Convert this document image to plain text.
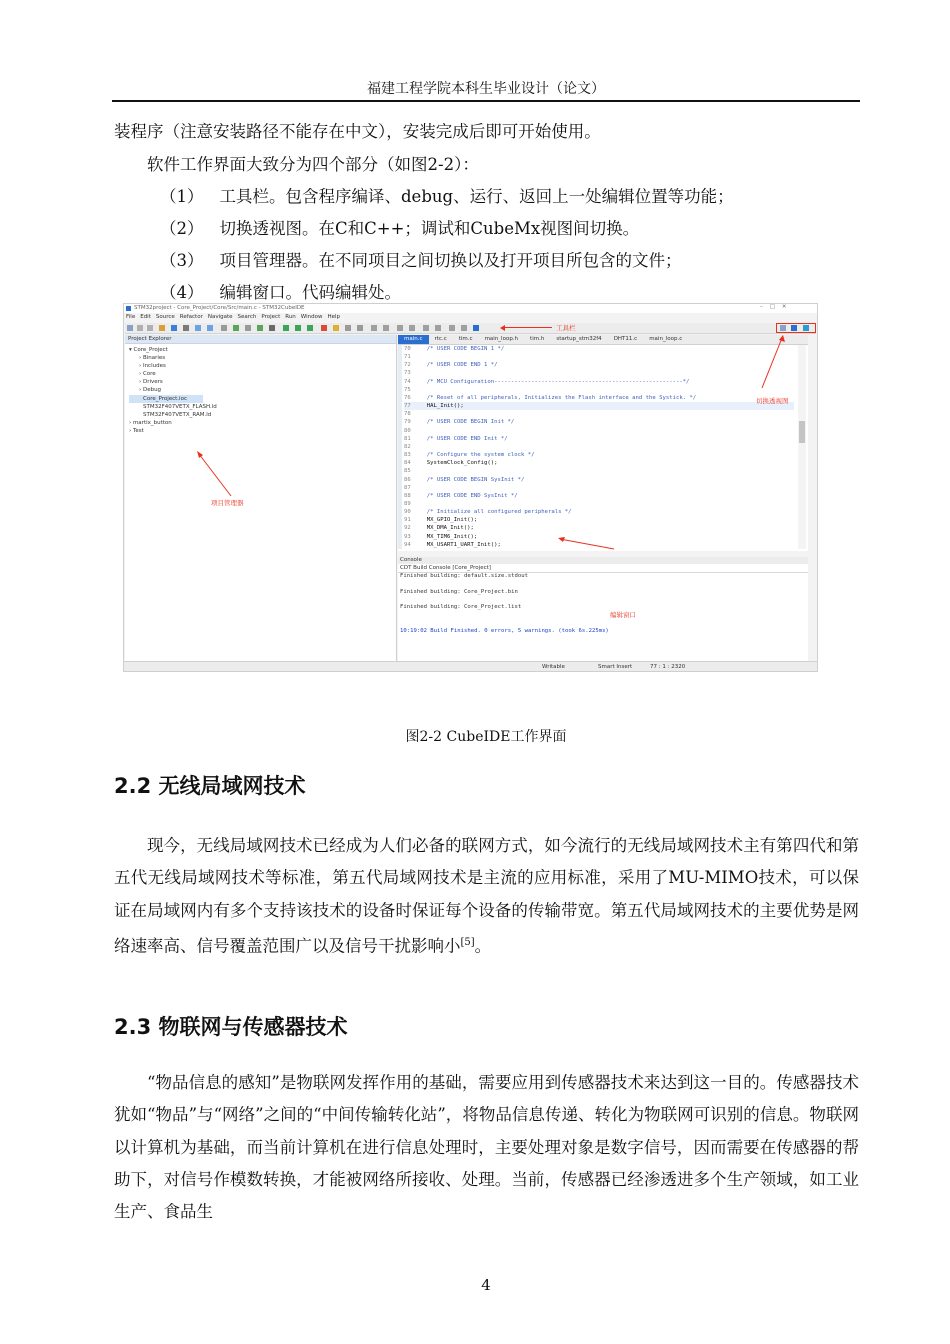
福建工程学院本科生毕业设计（论文）
装程序（注意安装路径不能存在中文），安装完成后即可开始使用。
软件工作界面大致分为四个部分（如图2-2）：
（1） 工具栏。包含程序编译、debug、运行、返回上一处编辑位置等功能；
（2） 切换透视图。在C和C++；调试和CubeMx视图间切换。
（3） 项目管理器。在不同项目之间切换以及打开项目所包含的文件；
（4） 编辑窗口。代码编辑处。
STM32project - Core_Project/Core/Src/main.c - STM32CubeIDE	–    □    ✕
File Edit Source Refactor Navigate Search Project Run Window Help
工具栏
Project Explorer
▾ Core_Project
› Binaries
› Includes
› Core
› Drivers
› Debug
Core_Project.ioc
STM32F407VETX_FLASH.ld
STM32F407VETX_RAM.ld
› martix_button
› Test
项目管理器
main.c	rtc.c	tim.c	main_loop.h	tim.h	startup_stm32f4	DHT11.c	main_loop.c
70  /* USER CODE BEGIN 1 */
71
72  /* USER CODE END 1 */
73
74  /* MCU Configuration--------------------------------------------------------*/
75
76  /* Reset of all peripherals, Initializes the Flash interface and the Systick. */
77  HAL_Init();
78
79  /* USER CODE BEGIN Init */
80
81  /* USER CODE END Init */
82
83  /* Configure the system clock */
84  SystemClock_Config();
85
86  /* USER CODE BEGIN SysInit */
87
88  /* USER CODE END SysInit */
89
90  /* Initialize all configured peripherals */
91  MX_GPIO_Init();
92  MX_DMA_Init();
93  MX_TIM6_Init();
94  MX_USART1_UART_Init();
切换透视图
Console
CDT Build Console [Core_Project]
Finished building: default.size.stdout
Finished building: Core_Project.bin
Finished building: Core_Project.list
10:19:02 Build Finished. 0 errors, 5 warnings. (took 6s.225ms)
编辑窗口
Writable	Smart Insert	77 : 1 : 2320
图2-2 CubeIDE工作界面
2.2 无线局域网技术

现今，无线局域网技术已经成为人们必备的联网方式，如今流行的无线局域网技术主有第四代和第五代无线局域网技术等标准，第五代局域网技术是主流的应用标准，采用了MU-MIMO技术，可以保证在局域网内有多个支持该技术的设备时保证每个设备的传输带宽。第五代局域网技术的主要优势是网络速率高、信号覆盖范围广以及信号干扰影响小[5]。

2.3 物联网与传感器技术

“物品信息的感知”是物联网发挥作用的基础，需要应用到传感器技术来达到这一目的。传感器技术犹如“物品”与“网络”之间的“中间传输转化站”，将物品信息传递、转化为物联网可识别的信息。物联网以计算机为基础，而当前计算机在进行信息处理时，主要处理对象是数字信号，因而需要在传感器的帮助下，对信号作模数转换，才能被网络所接收、处理。当前，传感器已经渗透进多个生产领域，如工业生产、食品生

4
